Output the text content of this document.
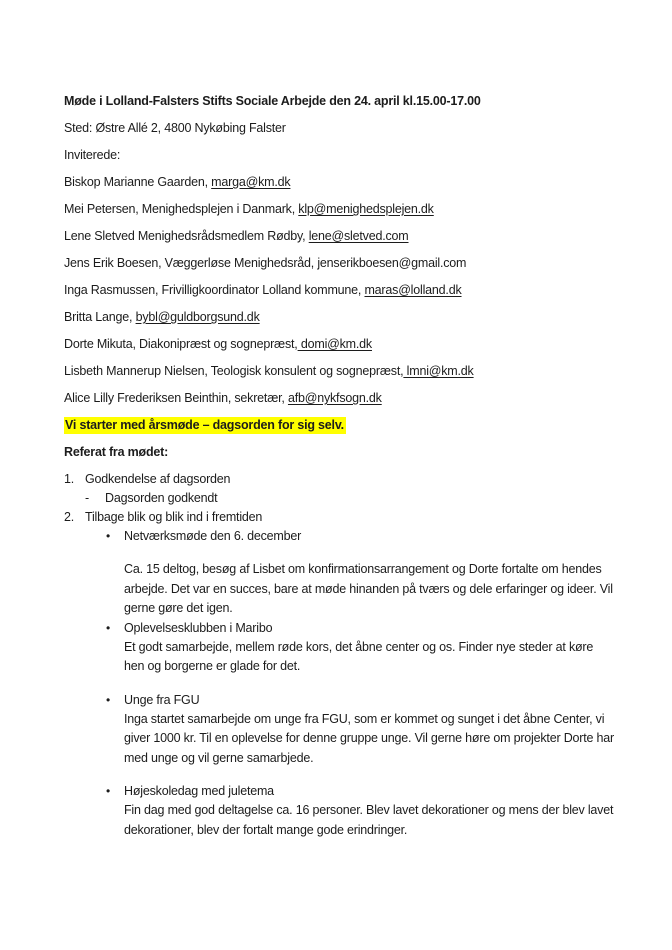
Møde i Lolland-Falsters Stifts Sociale Arbejde den 24. april kl.15.00-17.00

Sted: Østre Allé 2, 4800 Nykøbing Falster

Inviterede:

Biskop Marianne Gaarden, marga@km.dk

Mei Petersen, Menighedsplejen i Danmark, klp@menighedsplejen.dk

Lene Sletved Menighedsrådsmedlem Rødby, lene@sletved.com

Jens Erik Boesen, Væggerløse Menighedsråd, jenserikboesen@gmail.com

Inga Rasmussen, Frivilligkoordinator Lolland kommune, maras@lolland.dk

Britta Lange, bybl@guldborgsund.dk

Dorte Mikuta, Diakonipræst og sognepræst, domi@km.dk

Lisbeth Mannerup Nielsen, Teologisk konsulent og sognepræst, lmni@km.dk

Alice Lilly Frederiksen Beinthin, sekretær, afb@nykfsogn.dk

Vi starter med årsmøde – dagsorden for sig selv.

Referat fra mødet:

1. Godkendelse af dagsorden
-	Dagsorden godkendt
2. Tilbage blik og blik ind i fremtiden
•	Netværksmøde den 6. december
Ca. 15 deltog, besøg af Lisbet om konfirmationsarrangement og Dorte fortalte om hendes arbejde. Det var en succes, bare at møde hinanden på tværs og dele erfaringer og ideer. Vil gerne gøre det igen.
•	Oplevelsesklubben i Maribo
Et godt samarbejde, mellem røde kors, det åbne center og os. Finder nye steder at køre hen og borgerne er glade for det.
•	Unge fra FGU
Inga startet samarbejde om unge fra FGU, som er kommet og sunget i det åbne Center, vi giver 1000 kr. Til en oplevelse for denne gruppe unge. Vil gerne høre om projekter Dorte har med unge og vil gerne samarbjede.
•	Højeskoledag med juletema
Fin dag med god deltagelse ca. 16 personer. Blev lavet dekorationer og mens der blev lavet dekorationer, blev der fortalt mange gode erindringer.
